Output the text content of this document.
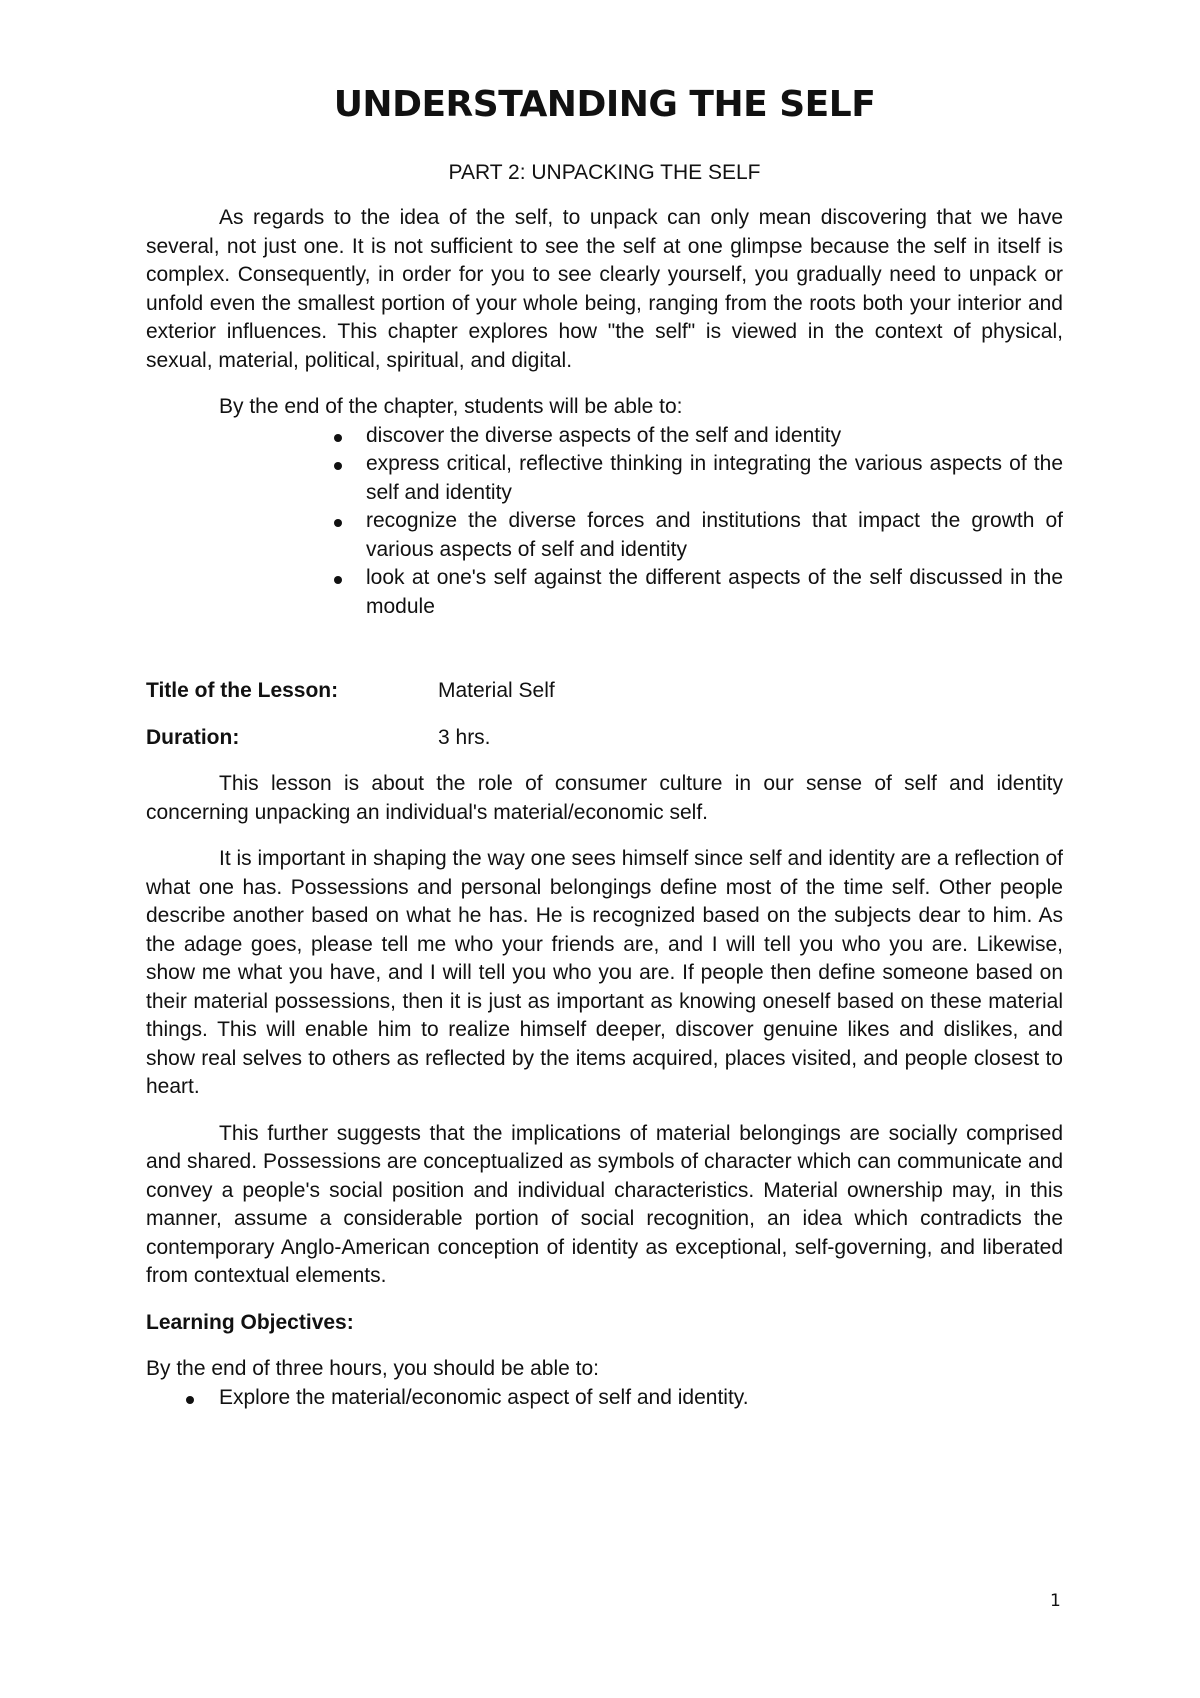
UNDERSTANDING THE SELF
PART 2: UNPACKING THE SELF

As regards to the idea of the self, to unpack can only mean discovering that we have several, not just one. It is not sufficient to see the self at one glimpse because the self in itself is complex. Consequently, in order for you to see clearly yourself, you gradually need to unpack or unfold even the smallest portion of your whole being, ranging from the roots both your interior and exterior influences. This chapter explores how "the self" is viewed in the context of physical, sexual, material, political, spiritual, and digital.

By the end of the chapter, students will be able to:

discover the diverse aspects of the self and identity
express critical, reflective thinking in integrating the various aspects of the self and identity
recognize the diverse forces and institutions that impact the growth of various aspects of self and identity
look at one's self against the different aspects of the self discussed in the module
Title of the Lesson:	Material Self
Duration:	3 hrs.

This lesson is about the role of consumer culture in our sense of self and identity concerning unpacking an individual's material/economic self.

It is important in shaping the way one sees himself since self and identity are a reflection of what one has. Possessions and personal belongings define most of the time self. Other people describe another based on what he has. He is recognized based on the subjects dear to him. As the adage goes, please tell me who your friends are, and I will tell you who you are. Likewise, show me what you have, and I will tell you who you are. If people then define someone based on their material possessions, then it is just as important as knowing oneself based on these material things. This will enable him to realize himself deeper, discover genuine likes and dislikes, and show real selves to others as reflected by the items acquired, places visited, and people closest to heart.

This further suggests that the implications of material belongings are socially comprised and shared. Possessions are conceptualized as symbols of character which can communicate and convey a people's social position and individual characteristics. Material ownership may, in this manner, assume a considerable portion of social recognition, an idea which contradicts the contemporary Anglo-American conception of identity as exceptional, self-governing, and liberated from contextual elements.

Learning Objectives:

By the end of three hours, you should be able to:

Explore the material/economic aspect of self and identity.
1
